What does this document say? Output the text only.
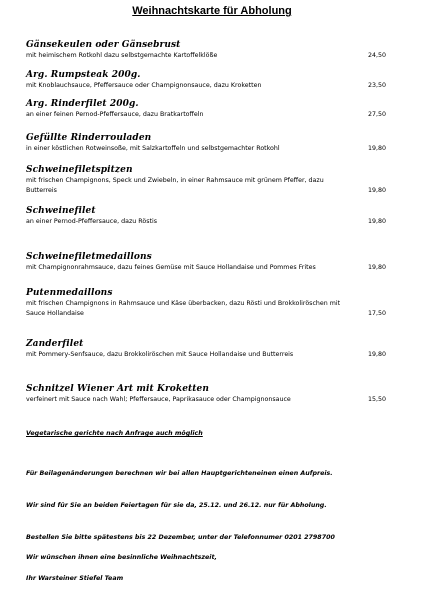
Weihnachtskarte für Abholung
Gänsekeulen oder Gänsebrust
mit heimischem Rotkohl dazu selbstgemachte Kartoffelklöße	24,50
Arg. Rumpsteak 200g.
mit Knoblauchsauce, Pfeffersauce oder Champignonsauce, dazu Kroketten	23,50
Arg. Rinderfilet 200g.
an einer feinen Pernod-Pfeffersauce, dazu Bratkartoffeln	27,50
Gefüllte Rinderrouladen
in einer köstlichen Rotweinsoße, mit Salzkartoffeln und selbstgemachter Rotkohl	19,80
Schweinefiletspitzen
mit frischen Champignons, Speck und Zwiebeln, in einer Rahmsauce mit grünem Pfeffer, dazu Butterreis	19,80
Schweinefilet
an einer Pernod-Pfeffersauce, dazu Röstis	19,80
Schweinefiletmedaillons
mit Champignonrahmsauce, dazu feines Gemüse mit Sauce Hollandaise und Pommes Frites	19,80
Putenmedaillons
mit frischen Champignons in Rahmsauce und Käse überbacken, dazu Rösti und Brokkoliröschen mit Sauce Hollandaise	17,50
Zanderfilet
mit Pommery-Senfsauce, dazu Brokkoliröschen mit Sauce Hollandaise und Butterreis	19,80
Schnitzel Wiener Art mit Kroketten
verfeinert mit Sauce nach Wahl; Pfeffersauce, Paprikasauce oder Champignonsauce	15,50
Vegetarische gerichte nach Anfrage auch möglich
Für Beilagenänderungen berechnen wir bei allen Hauptgerichteneinen einen Aufpreis.
Wir sind für Sie an beiden Feiertagen für sie da, 25.12. und 26.12. nur für Abholung.
Bestellen Sie bitte spätestens bis 22 Dezember, unter der Telefonnumer 0201 2798700
Wir wünschen ihnen eine besinnliche Weihnachtszeit,
Ihr Warsteiner Stiefel Team
